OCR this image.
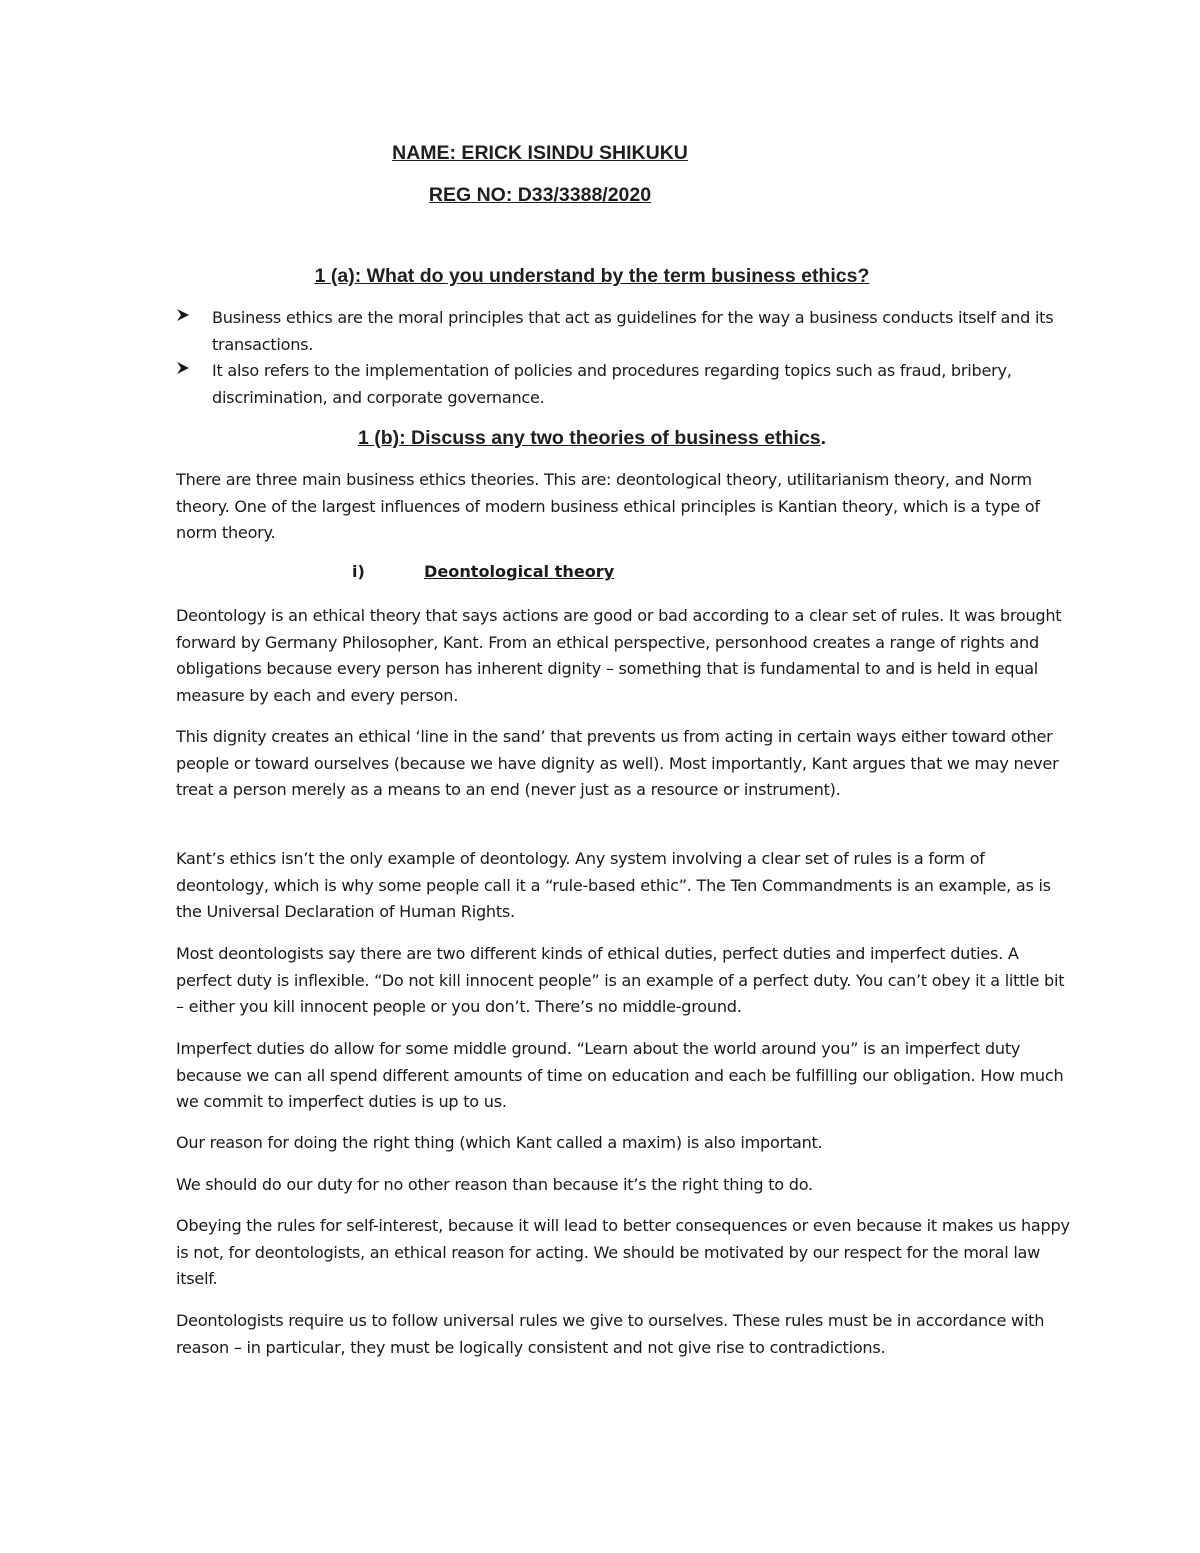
NAME: ERICK ISINDU SHIKUKU
REG NO: D33/3388/2020
1 (a): What do you understand by the term business ethics?
Business ethics are the moral principles that act as guidelines for the way a business conducts itself and its transactions.
It also refers to the implementation of policies and procedures regarding topics such as fraud, bribery, discrimination, and corporate governance.
1 (b): Discuss any two theories of business ethics.

There are three main business ethics theories. This are: deontological theory, utilitarianism theory, and Norm theory. One of the largest influences of modern business ethical principles is Kantian theory, which is a type of norm theory.

i)	Deontological theory

Deontology is an ethical theory that says actions are good or bad according to a clear set of rules. It was brought forward by Germany Philosopher, Kant. From an ethical perspective, personhood creates a range of rights and obligations because every person has inherent dignity – something that is fundamental to and is held in equal measure by each and every person.

This dignity creates an ethical ‘line in the sand’ that prevents us from acting in certain ways either toward other people or toward ourselves (because we have dignity as well). Most importantly, Kant argues that we may never treat a person merely as a means to an end (never just as a resource or instrument).

Kant’s ethics isn’t the only example of deontology. Any system involving a clear set of rules is a form of deontology, which is why some people call it a “rule-based ethic”. The Ten Commandments is an example, as is the Universal Declaration of Human Rights.

Most deontologists say there are two different kinds of ethical duties, perfect duties and imperfect duties. A perfect duty is inflexible. “Do not kill innocent people” is an example of a perfect duty. You can’t obey it a little bit – either you kill innocent people or you don’t. There’s no middle-ground.

Imperfect duties do allow for some middle ground. “Learn about the world around you” is an imperfect duty because we can all spend different amounts of time on education and each be fulfilling our obligation. How much we commit to imperfect duties is up to us.

Our reason for doing the right thing (which Kant called a maxim) is also important.

We should do our duty for no other reason than because it’s the right thing to do.

Obeying the rules for self-interest, because it will lead to better consequences or even because it makes us happy is not, for deontologists, an ethical reason for acting. We should be motivated by our respect for the moral law itself.

Deontologists require us to follow universal rules we give to ourselves. These rules must be in accordance with reason – in particular, they must be logically consistent and not give rise to contradictions.
